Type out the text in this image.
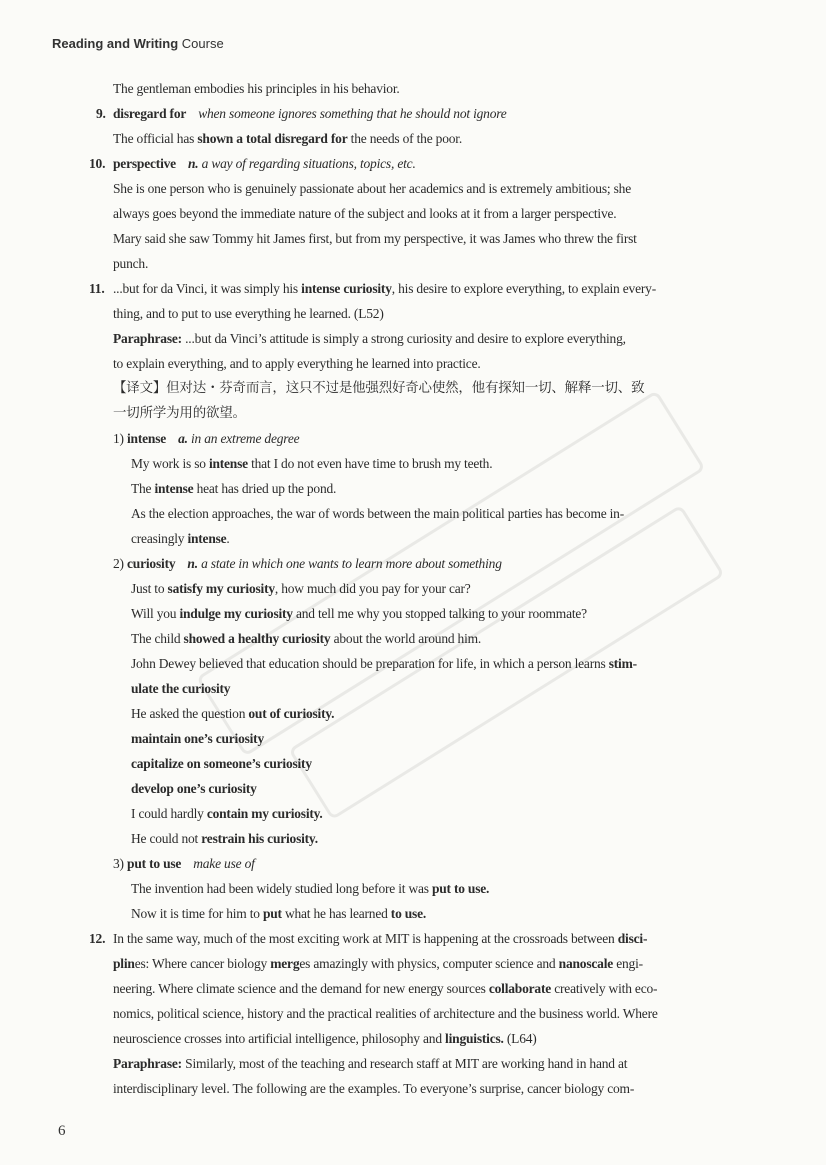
Reading and Writing Course
The gentleman embodies his principles in his behavior.
9. disregard for when someone ignores something that he should not ignore
The official has shown a total disregard for the needs of the poor.
10. perspective n. a way of regarding situations, topics, etc.
She is one person who is genuinely passionate about her academics and is extremely ambitious; she
always goes beyond the immediate nature of the subject and looks at it from a larger perspective.
Mary said she saw Tommy hit James first, but from my perspective, it was James who threw the first
punch.
11. ...but for da Vinci, it was simply his intense curiosity, his desire to explore everything, to explain every-
thing, and to put to use everything he learned. (L52)
Paraphrase: ...but da Vinci’s attitude is simply a strong curiosity and desire to explore everything,
to explain everything, and to apply everything he learned into practice.
【译文】但对达・芬奇而言，这只不过是他强烈好奇心使然，他有探知一切、解释一切、致
一切所学为用的欲望。
1) intense a. in an extreme degree
My work is so intense that I do not even have time to brush my teeth.
The intense heat has dried up the pond.
As the election approaches, the war of words between the main political parties has become in-
creasingly intense.
2) curiosity n. a state in which one wants to learn more about something
Just to satisfy my curiosity, how much did you pay for your car?
Will you indulge my curiosity and tell me why you stopped talking to your roommate?
The child showed a healthy curiosity about the world around him.
John Dewey believed that education should be preparation for life, in which a person learns stim-
ulate the curiosity
He asked the question out of curiosity.
maintain one’s curiosity
capitalize on someone’s curiosity
develop one’s curiosity
I could hardly contain my curiosity.
He could not restrain his curiosity.
3) put to use make use of
The invention had been widely studied long before it was put to use.
Now it is time for him to put what he has learned to use.
12. In the same way, much of the most exciting work at MIT is happening at the crossroads between disci-
plines: Where cancer biology merges amazingly with physics, computer science and nanoscale engi-
neering. Where climate science and the demand for new energy sources collaborate creatively with eco-
nomics, political science, history and the practical realities of architecture and the business world. Where
neuroscience crosses into artificial intelligence, philosophy and linguistics. (L64)
Paraphrase: Similarly, most of the teaching and research staff at MIT are working hand in hand at
interdisciplinary level. The following are the examples. To everyone’s surprise, cancer biology com-
6
